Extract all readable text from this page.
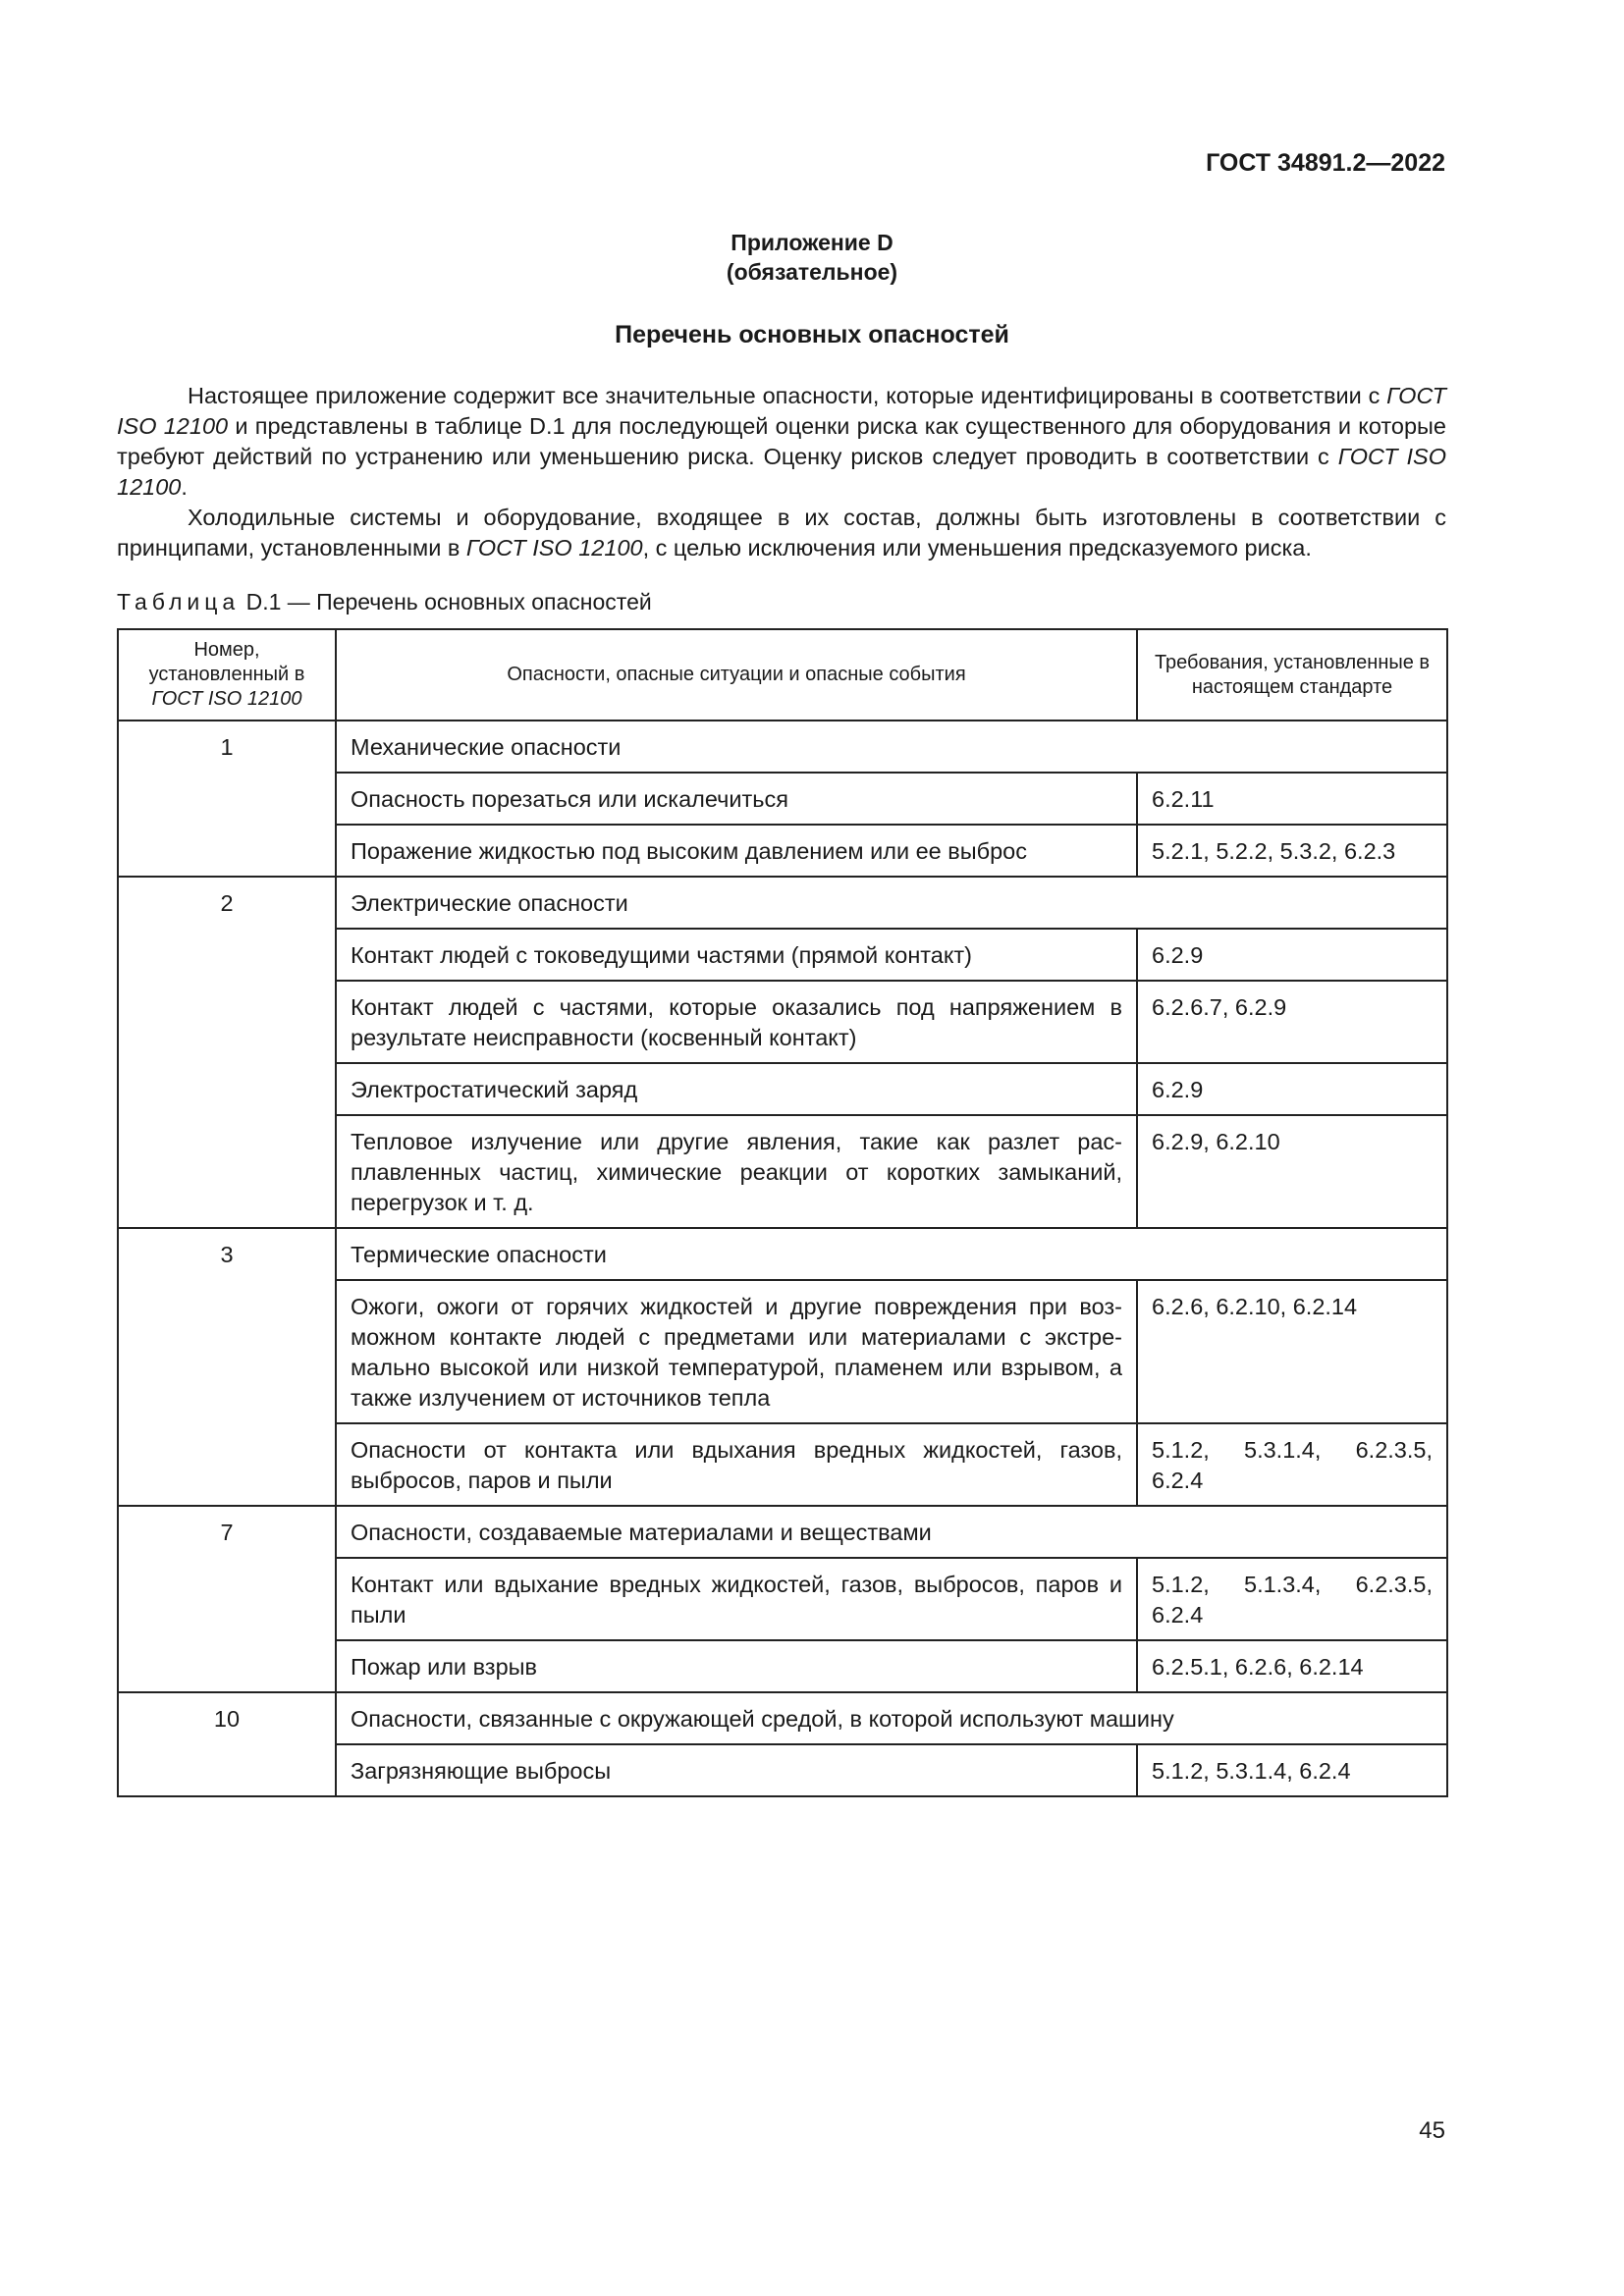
ГОСТ 34891.2—2022
Приложение D
(обязательное)
Перечень основных опасностей

Настоящее приложение содержит все значительные опасности, которые идентифицированы в соответствии с ГОСТ ISO 12100 и представлены в таблице D.1 для последующей оценки риска как существенного для оборудования и которые требуют действий по устранению или уменьшению риска. Оценку рисков следует проводить в соответствии с ГОСТ ISO 12100.

Холодильные системы и оборудование, входящее в их состав, должны быть изготовлены в соответствии с принципами, установленными в ГОСТ ISO 12100, с целью исключения или уменьшения предсказуемого риска.

Таблица D.1 — Перечень основных опасностей
Номер,
установленный в
ГОСТ ISO 12100	Опасности, опасные ситуации и опасные события	Требования, установленные в настоящем стандарте
1	Механические опасности	
	Опасность порезаться или искалечиться	6.2.11
	Поражение жидкостью под высоким давлением или ее выброс	5.2.1, 5.2.2, 5.3.2, 6.2.3
2	Электрические опасности	
	Контакт людей с токоведущими частями (прямой контакт)	6.2.9
	Контакт людей с частями, которые оказались под напряжением в результате неисправности (косвенный контакт)	6.2.6.7, 6.2.9
	Электростатический заряд	6.2.9
	Тепловое излучение или другие явления, такие как разлет расплавленных частиц, химические реакции от коротких замыканий, перегрузок и т. д.	6.2.9, 6.2.10
3	Термические опасности	
	Ожоги, ожоги от горячих жидкостей и другие повреждения при возможном контакте людей с предметами или материалами с экстремально высокой или низкой температурой, пламенем или взрывом, а также излучением от источников тепла	6.2.6, 6.2.10, 6.2.14
	Опасности от контакта или вдыхания вредных жидкостей, газов, выбросов, паров и пыли	5.1.2, 5.3.1.4, 6.2.3.5, 6.2.4
7	Опасности, создаваемые материалами и веществами	
	Контакт или вдыхание вредных жидкостей, газов, выбросов, паров и пыли	5.1.2, 5.1.3.4, 6.2.3.5, 6.2.4
	Пожар или взрыв	6.2.5.1, 6.2.6, 6.2.14
10	Опасности, связанные с окружающей средой, в которой используют машину	
	Загрязняющие выбросы	5.1.2, 5.3.1.4, 6.2.4
45
